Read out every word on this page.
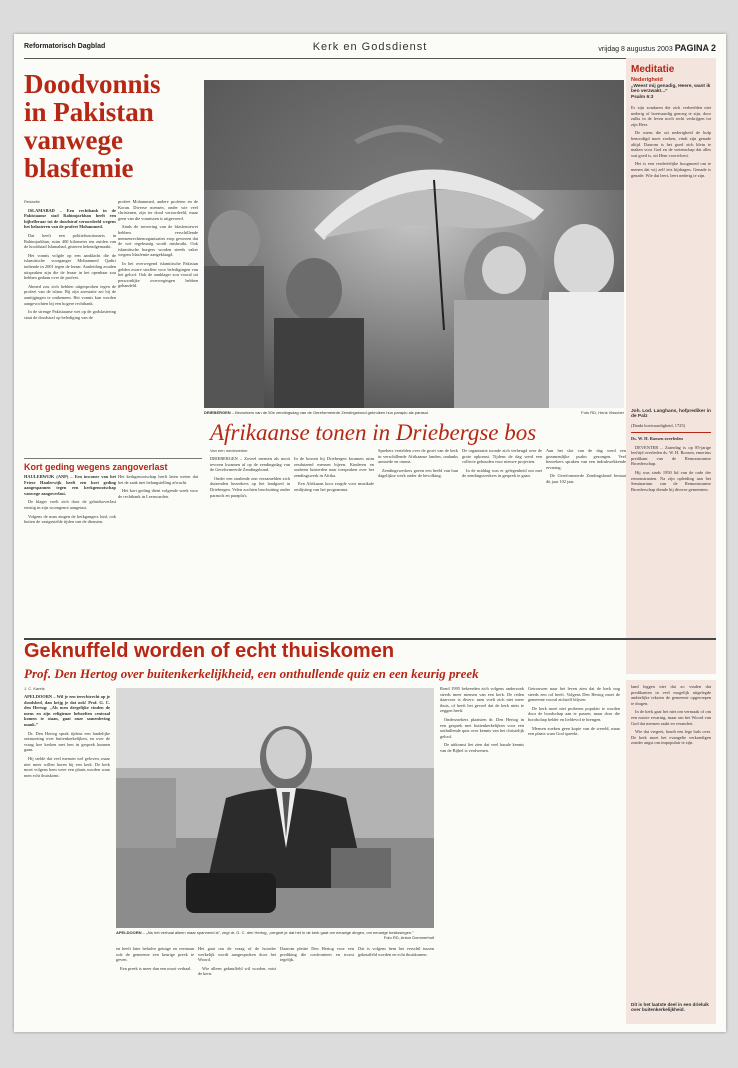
Reformatorisch Dagblad	Kerk en Godsdienst	vrijdag 8 augustus 2003 PAGINA 2
Doodvonnis in Pakistan vanwege blasfemie
Redactie

ISLAMABAD – Een rechtbank in de Pakistaanse stad Rahimjarkhan heeft een bijbelleraar tot de doodstraf veroordeeld wegens het belasteren van de profeet Mohammed.

Dat heeft een politiefunctionaris in Rahimjarkhan, ruim 400 kilometer ten zuiden van de hoofdstad Islamabad, gisteren bekendgemaakt.

Het vonnis volgde op een aanklacht die de islamitische voorganger Mohammed Qadiri indiende in 2001 tegen de leraar. Aanleiding zouden uitspraken zijn die de leraar in het openbaar zou hebben gedaan over de profeet.

Ahmed zou zich hebben uitgesproken tegen de profeet van de islam. Bij zijn arrestatie zei hij de aantijgingen te ontkennen. Het vonnis kan worden aangevochten bij een hogere rechtbank.

In de strenge Pakistaanse wet op de godslastering staat de doodstraf op belediging van de

profeet Mohammed, andere profeten en de Koran. Diverse mensen, onder wie veel christenen, zijn ter dood veroordeeld, maar geen van die vonnissen is uitgevoerd.

Sinds de invoering van de blasfemiewet hebben verschillende mensenrechtenorganisaties erop gewezen dat de wet regelmatig wordt misbruikt. Ook islamitische burgers worden steeds vaker wegens blasfemie aangeklaagd.

In het overwegend islamitische Pakistan gelden zware straffen voor beledigingen van het geloof. Ook de aanklager zou vooral uit persoonlijke overwegingen hebben gehandeld.

Kort geding wegens zangoverlast

HAULERWIJK (ANP) – Een inwoner van het Friese Haulerwijk heeft een kort geding aangespannen tegen een kerkgenootschap vanwege zangoverlast.

De klager voelt zich door de geluidsoverlast ernstig in zijn woongenot aangetast.

Volgens de man zingen de kerkgangers luid, ook buiten de vastgestelde tijden van de diensten.

Het kerkgenootschap heeft laten weten dat het de zaak met belangstelling afwacht.

Het kort geding dient volgende week voor de rechtbank in Leeuwarden.

Foto RD, Henk Visscher
DRIEBERGEN – Bezoekers van de 50e zendingsdag van de Gereformeerde Zendingsbond gebruiken hun paraplu als parasol.
Afrikaanse tonen in Driebergse bos
Van een medewerker

DRIEBERGEN – Zoveel mensen als nooit tevoren kwamen af op de zendingsdag van de Gereformeerde Zendingsbond.

Onder een stralende zon verzamelden zich duizenden bezoekers op het landgoed in Driebergen. Velen zochten beschutting onder parasols en paraplu's.

In de bossen bij Driebergen kwamen ruim zesduizend mensen bijeen. Kinderen en ouderen luisterden naar toespraken over het zendingswerk in Afrika.

Een Afrikaans koor zorgde voor muzikale omlijsting van het programma.

Sprekers vertelden over de groei van de kerk in verschillende Afrikaanse landen, ondanks armoede en onrust.

Zendingswerkers gaven een beeld van hun dagelijkse werk onder de bevolking.

De organisatie toonde zich verheugd over de grote opkomst. Tijdens de dag werd een collecte gehouden voor nieuwe projecten.

In de middag was er gelegenheid om met de zendingswerkers in gesprek te gaan.

Aan het slot van de dag werd een gezamenlijke psalm gezongen. Veel bezoekers spraken van een indrukwekkende ervaring.

De Gereformeerde Zendingsbond bestaat dit jaar 102 jaar.

Meditatie
Nederigheid
„Weest mij genadig, Heere, want ik ben verzwakt...”
Psalm 6:3

Er zijn zondaren die zich verbeelden niet nederig of boetvaardig genoeg te zijn, door zulks in de leven noch recht verkrijgen tot zijn Heer.

De mens die uit nederigheid de hulp benoodigd moet zoeken, vindt zijn genade altijd. Daarom is het goed zich klein te maken voor God en de wetenschap dat alles wat goed is, uit Hem voortvloeit.

Het is een verderfelijke hoogmoed om te menen dat wij zelf iets bijdragen. Genade is genade. Wie dat leert, leert nederig te zijn.

Joh. Lod. Langhans, hofprediker in de Palz
(Dankt boetvaardigheid, 1725)

Ds. W. H. Roosen overleden

DEVENTER – Zaterdag is op 85-jarige leeftijd overleden ds. W. H. Roosen, emeritus predikant van de Remonstrantse Broederschap.

Hij was sinds 1950 lid van de orde der remonstranten. Na zijn opleiding aan het Seminarium van de Remonstrantse Broederschap diende hij diverse gemeenten.

Geknuffeld worden of echt thuiskomen
Prof. Den Hertog over buitenkerkelijkheid, een onthullende quiz en een keurig preek
J. C. Karels

APELDOORN – Wil je een terechtrecht op je doodsbed, dan krijg je dat ook! Prof. G. C. den Hertog: „Als men dergelijke vinden de mens en zijn religieuze behoeften centraal komen te staan, gaat onze samenleving mank.”

Dr. Den Hertog sprak tijdens een landelijke ontmoeting over buitenkerkelijken, en over de vraag hoe kerken met hen in gesprek kunnen gaan.

Hij stelde dat veel mensen wel geloven, maar niet meer willen horen bij een kerk. De kerk moet volgens hem weer een plaats worden waar men echt thuiskomt.

APELDOORN – „Als het verhaal alleen maar spannend is”, zegt dr. G. C. den Hertog, „vergeet je dat het in de kerk gaat om eeuwige dingen, om eeuwige beslissingen.”
Foto RD, Anton Dommerholt

en heeft later behalve getuige en vermaan ook de gemeente een keurige preek te geven.

Een preek is meer dan een mooi verhaal.

Het gaat om de vraag of de hoorder werkelijk wordt aangesproken door het Woord.

Wie alleen geknuffeld wil worden, mist de kern.

Daarom pleitte Den Hertog voor een prediking die confronteert en troost tegelijk.

Dat is volgens hem het verschil tussen geknuffeld worden en echt thuiskomen.

Rond 1995 bekeerden zich volgens onderzoek steeds meer mensen van een kerk. De reden daarvoor is divers: men voelt zich niet meer thuis, of heeft het gevoel dat de kerk niets te zeggen heeft.

Onderzoekers plaatsten dr. Den Hertog in een gesprek met buitenkerkelijken voor een onthullende quiz over kennis van het christelijk geloof.

De uitkomst liet zien dat veel basale kennis van de Bijbel is verdwenen.

Getrouwen naar het leven zien dat de kerk nog steeds een rol heeft. Volgens Den Hertog moet de gemeente vooral zichzelf blijven.

De kerk moet niet proberen populair te worden door de boodschap aan te passen, maar door die boodschap helder en liefdevol te brengen.

Mensen zoeken geen kopie van de wereld, maar een plaats waar God spreekt.

land leggen niet dat zo vinden dat predikanten in veel mogelijk uitgelegde ambtelijke teksten de gemeente opgeroepen te dragen.

In de kerk gaat het niet om vermaak of om een mooie ervaring, maar om het Woord van God dat mensen raakt en verandert.

Wie dat vergeet, houdt een lege huls over. De kerk moet het evangelie verkondigen zonder angst om impopulair te zijn.

Dit is het laatste deel in een drieluik over buitenkerkelijkheid.
